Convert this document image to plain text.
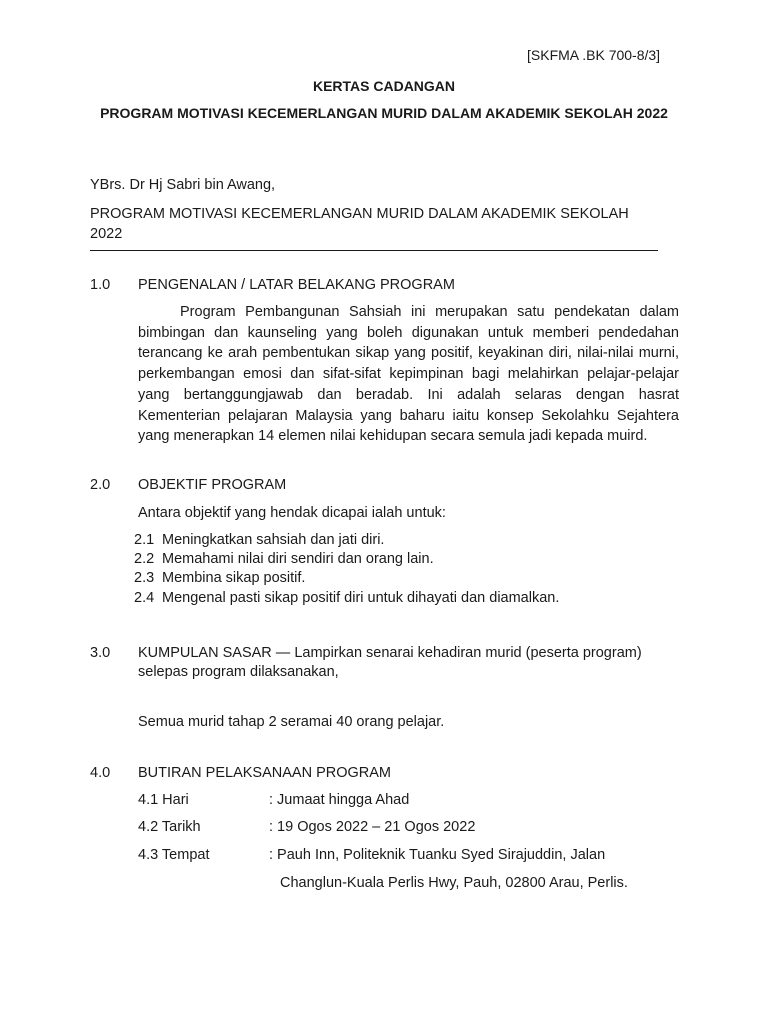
[SKFMA .BK 700-8/3]
KERTAS CADANGAN
PROGRAM MOTIVASI KECEMERLANGAN MURID DALAM AKADEMIK SEKOLAH 2022
YBrs. Dr Hj Sabri bin Awang,
PROGRAM MOTIVASI KECEMERLANGAN MURID DALAM AKADEMIK SEKOLAH 2022
1.0 PENGENALAN / LATAR BELAKANG PROGRAM
Program Pembangunan Sahsiah ini merupakan satu pendekatan dalam bimbingan dan kaunseling yang boleh digunakan untuk memberi pendedahan terancang ke arah pembentukan sikap yang positif, keyakinan diri, nilai-nilai murni, perkembangan emosi dan sifat-sifat kepimpinan bagi melahirkan pelajar-pelajar yang bertanggungjawab dan beradab. Ini adalah selaras dengan hasrat Kementerian pelajaran Malaysia yang baharu iaitu konsep Sekolahku Sejahtera yang menerapkan 14 elemen nilai kehidupan secara semula jadi kepada muird.
2.0 OBJEKTIF PROGRAM
Antara objektif yang hendak dicapai ialah untuk:
2.1 Meningkatkan sahsiah dan jati diri.
2.2 Memahami nilai diri sendiri dan orang lain.
2.3 Membina sikap positif.
2.4 Mengenal pasti sikap positif diri untuk dihayati dan diamalkan.
3.0 KUMPULAN SASAR — Lampirkan senarai kehadiran murid (peserta program)
selepas program dilaksanakan,
Semua murid tahap 2 seramai 40 orang pelajar.
4.0 BUTIRAN PELAKSANAAN PROGRAM
4.1 Hari	: Jumaat hingga Ahad
4.2 Tarikh	: 19 Ogos 2022 – 21 Ogos 2022
4.3 Tempat	: Pauh Inn, Politeknik Tuanku Syed Sirajuddin, Jalan
Changlun-Kuala Perlis Hwy, Pauh, 02800 Arau, Perlis.
